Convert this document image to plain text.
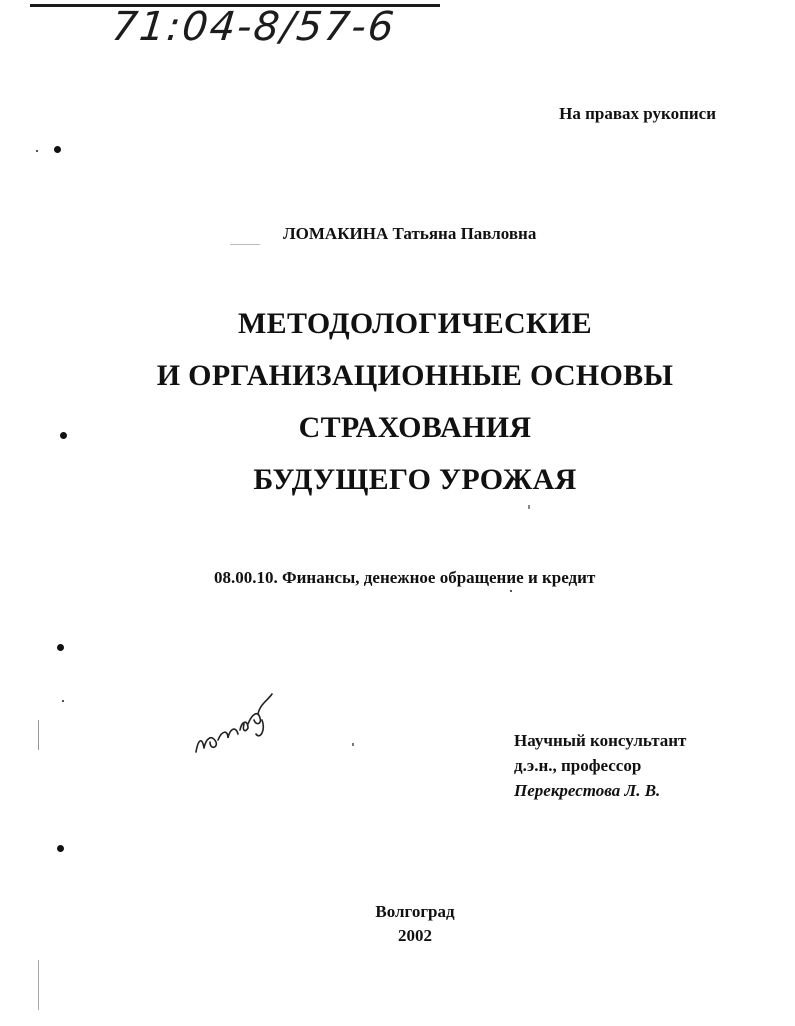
71:04-8/57-6
На правах рукописи
ЛОМАКИНА Татьяна Павловна
МЕТОДОЛОГИЧЕСКИЕ
И ОРГАНИЗАЦИОННЫЕ ОСНОВЫ
СТРАХОВАНИЯ
БУДУЩЕГО УРОЖАЯ
08.00.10. Финансы, денежное обращение и кредит
Научный консультант
д.э.н., профессор
Перекрестова Л. В.
Волгоград
2002
